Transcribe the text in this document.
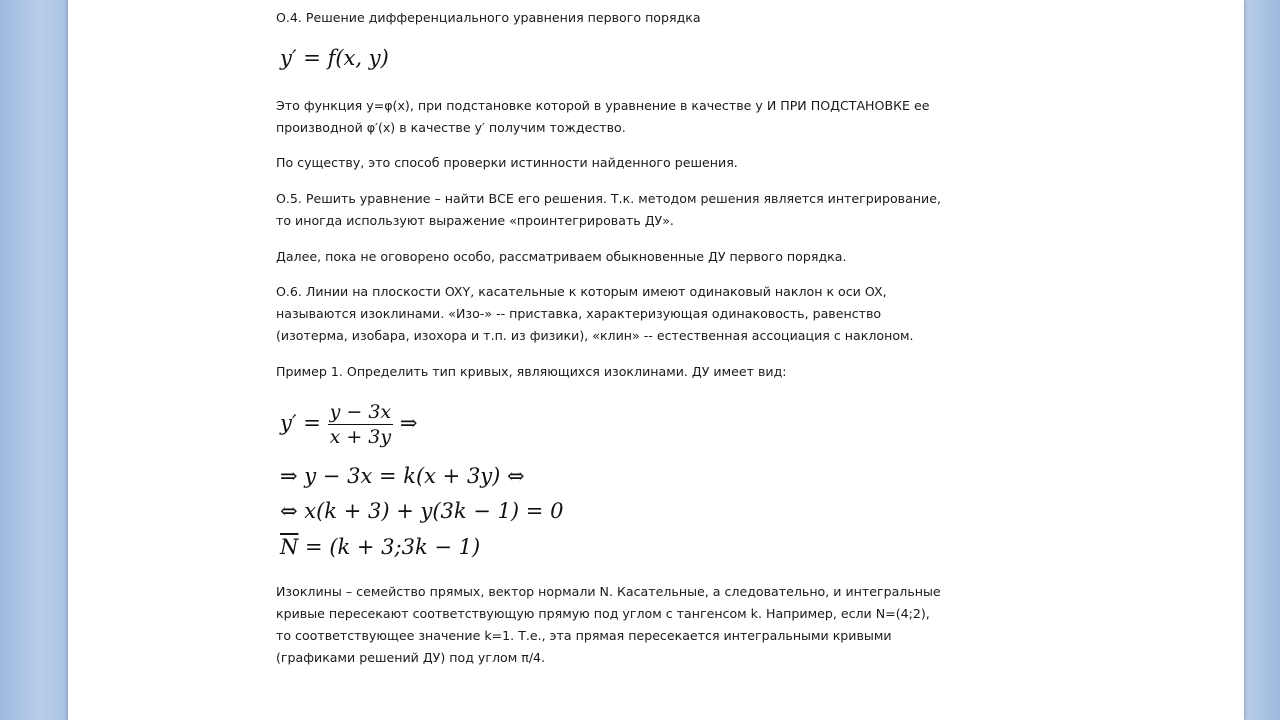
О.4. Решение дифференциального уравнения первого порядка
y′ = f(x, y)
Это функция y=φ(x), при подстановке которой в уравнение в качестве y И ПРИ ПОДСТАНОВКЕ ее
производной φ′(x) в качестве y′ получим тождество.
По существу, это способ проверки истинности найденного решения.
О.5. Решить уравнение – найти ВСЕ его решения. Т.к. методом решения является интегрирование,
то иногда используют выражение «проинтегрировать ДУ».
Далее, пока не оговорено особо, рассматриваем обыкновенные ДУ первого порядка.
О.6. Линии на плоскости OXY, касательные к которым имеют одинаковый наклон к оси OX,
называются изоклинами. «Изо-» -- приставка, характеризующая одинаковость, равенство
(изотерма, изобара, изохора и т.п. из физики), «клин» -- естественная ассоциация с наклоном.
Пример 1. Определить тип кривых, являющихся изоклинами. ДУ имеет вид:
$y' = \frac{y - 3x}{x + 3y}$ ⇒
⇒ y − 3x = k(x + 3y) ⇔
⇔ x(k + 3) + y(3k − 1) = 0
$\overline{N} = (k$ + 3;3k − 1)
Изоклины – семейство прямых, вектор нормали N. Касательные, а следовательно, и интегральные
кривые пересекают соответствующую прямую под углом с тангенсом k. Например, если N=(4;2),
то соответствующее значение k=1. Т.е., эта прямая пересекается интегральными кривыми
(графиками решений ДУ) под углом π/4.
